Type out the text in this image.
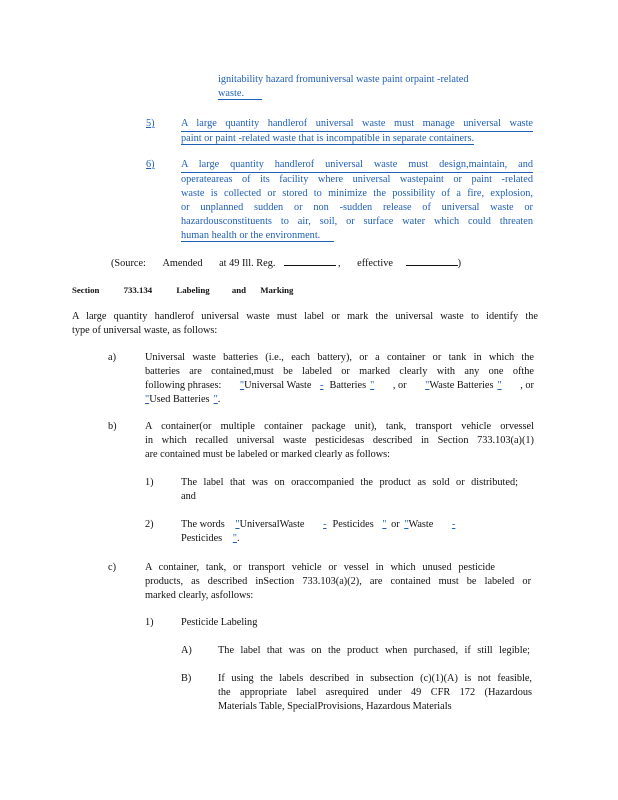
ignitability hazard fromuniversal waste paint orpaint -related
waste.
5)	A large quantity handlerof universal waste must manage universal waste
paint or paint -related waste that is incompatible in separate containers.
6)	A large quantity handlerof universal waste must design,maintain, and
operateareas of its facility where universal wastepaint or paint -related
waste is collected or stored to minimize the possibility of a fire, explosion,
or unplanned sudden or non -sudden release of universal waste or
hazardousconstituents to air, soil, or surface water which could threaten
human health or the environment.
(Source: Amended at 49 Ill. Reg.	, effective	)
Section	733.134	Labeling	and Marking
A large quantity handlerof universal waste must label or mark the universal waste to identify the
type of universal waste, as follows:
a)	Universal waste batteries (i.e., each battery), or a container or tank in which the
batteries are contained,must be labeled or marked clearly with any one ofthe
following phrases: "Universal Waste - Batteries " , or "Waste Batteries " , or
"Used Batteries ".
b)	A container(or multiple container package unit), tank, transport vehicle orvessel
in which recalled universal waste pesticidesas described in Section 733.103(a)(1)
are contained must be labeled or marked clearly as follows:
1)	The label that was on oraccompanied the product as sold or distributed;
and
2)	The words "UniversalWaste - Pesticides " or "Waste -
Pesticides ".
c)	A container, tank, or transport vehicle or vessel in which unused pesticide
products, as described inSection 733.103(a)(2), are contained must be labeled or
marked clearly, asfollows:
1)	Pesticide Labeling
A)	The label that was on the product when purchased, if still legible;
B)	If using the labels described in subsection (c)(1)(A) is not feasible,
the appropriate label asrequired under 49 CFR 172 (Hazardous
Materials Table, SpecialProvisions, Hazardous Materials
